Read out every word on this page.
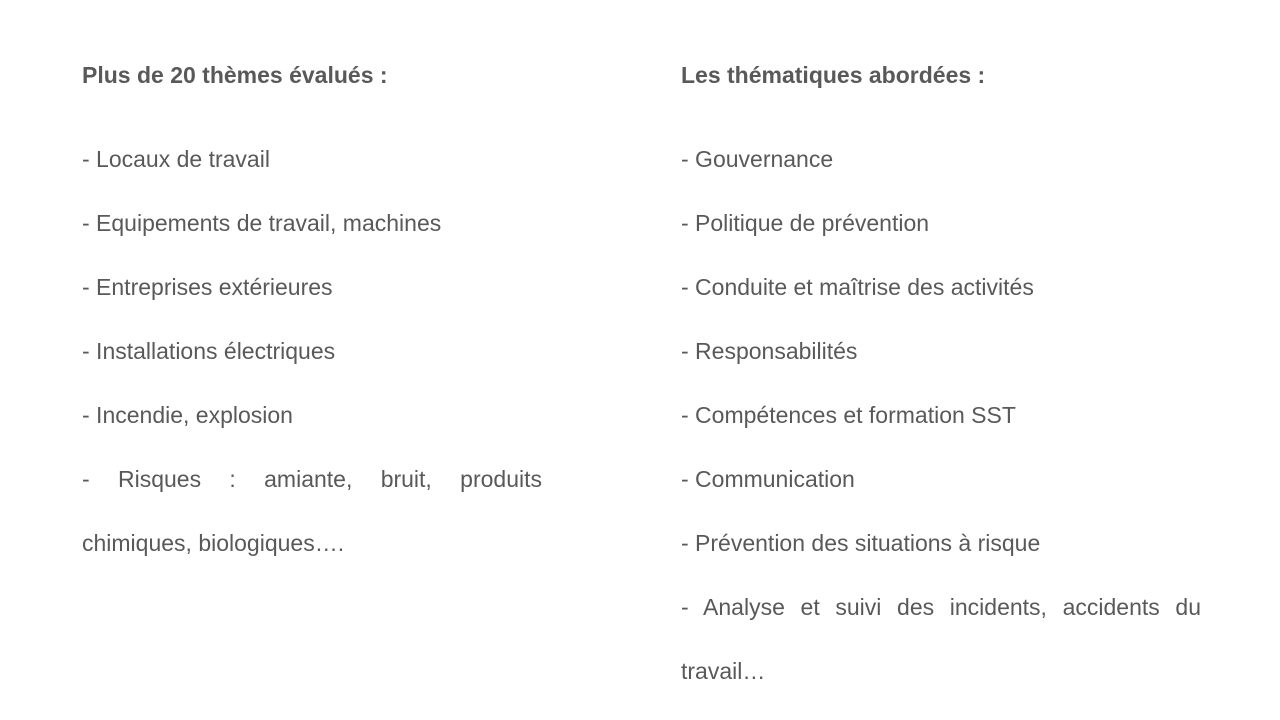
Plus de 20 thèmes évalués :

- Locaux de travail
- Equipements de travail, machines
- Entreprises extérieures
- Installations électriques
- Incendie, explosion
- Risques : amiante, bruit, produits chimiques, biologiques….

Les thématiques abordées :

- Gouvernance
- Politique de prévention
- Conduite et maîtrise des activités
- Responsabilités
- Compétences et formation SST
- Communication
- Prévention des situations à risque
- Analyse et suivi des incidents, accidents du travail…
